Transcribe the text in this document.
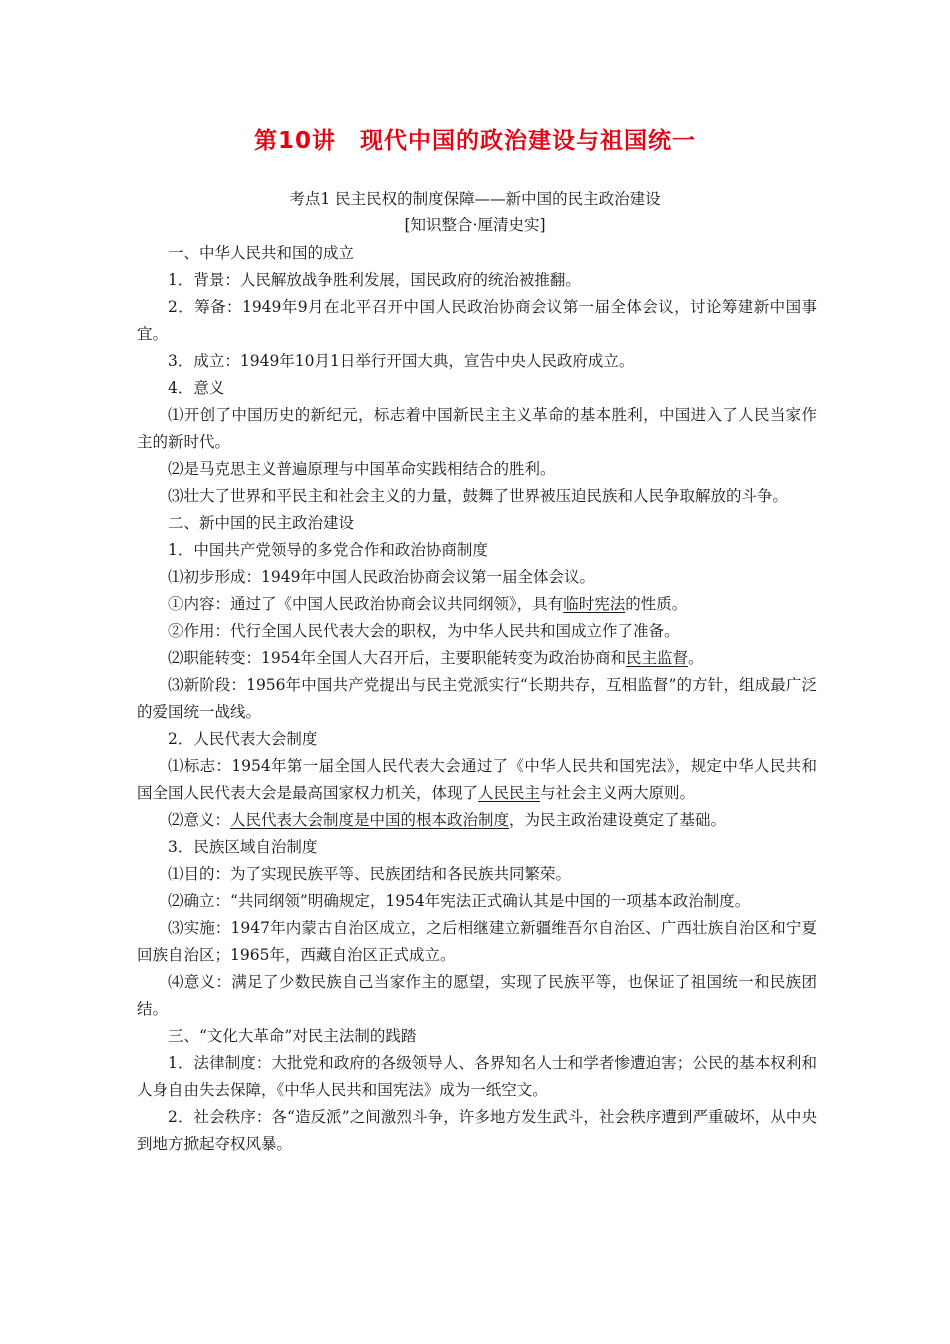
第10讲　现代中国的政治建设与祖国统一
考点1 民主民权的制度保障——新中国的民主政治建设
[知识整合·厘清史实]
一、中华人民共和国的成立
1．背景：人民解放战争胜利发展，国民政府的统治被推翻。
2．筹备：1949年9月在北平召开中国人民政治协商会议第一届全体会议，讨论筹建新中国事宜。
3．成立：1949年10月1日举行开国大典，宣告中央人民政府成立。
4．意义
⑴开创了中国历史的新纪元，标志着中国新民主主义革命的基本胜利，中国进入了人民当家作主的新时代。
⑵是马克思主义普遍原理与中国革命实践相结合的胜利。
⑶壮大了世界和平民主和社会主义的力量，鼓舞了世界被压迫民族和人民争取解放的斗争。
二、新中国的民主政治建设
1．中国共产党领导的多党合作和政治协商制度
⑴初步形成：1949年中国人民政治协商会议第一届全体会议。
①内容：通过了《中国人民政治协商会议共同纲领》，具有临时宪法的性质。
②作用：代行全国人民代表大会的职权，为中华人民共和国成立作了准备。
⑵职能转变：1954年全国人大召开后，主要职能转变为政治协商和民主监督。
⑶新阶段：1956年中国共产党提出与民主党派实行“长期共存，互相监督”的方针，组成最广泛的爱国统一战线。
2．人民代表大会制度
⑴标志：1954年第一届全国人民代表大会通过了《中华人民共和国宪法》，规定中华人民共和国全国人民代表大会是最高国家权力机关，体现了人民民主与社会主义两大原则。
⑵意义：人民代表大会制度是中国的根本政治制度，为民主政治建设奠定了基础。
3．民族区域自治制度
⑴目的：为了实现民族平等、民族团结和各民族共同繁荣。
⑵确立：“共同纲领”明确规定，1954年宪法正式确认其是中国的一项基本政治制度。
⑶实施：1947年内蒙古自治区成立，之后相继建立新疆维吾尔自治区、广西壮族自治区和宁夏回族自治区；1965年，西藏自治区正式成立。
⑷意义：满足了少数民族自己当家作主的愿望，实现了民族平等，也保证了祖国统一和民族团结。
三、“文化大革命”对民主法制的践踏
1．法律制度：大批党和政府的各级领导人、各界知名人士和学者惨遭迫害；公民的基本权利和人身自由失去保障，《中华人民共和国宪法》成为一纸空文。
2．社会秩序：各“造反派”之间激烈斗争，许多地方发生武斗，社会秩序遭到严重破坏，从中央到地方掀起夺权风暴。
